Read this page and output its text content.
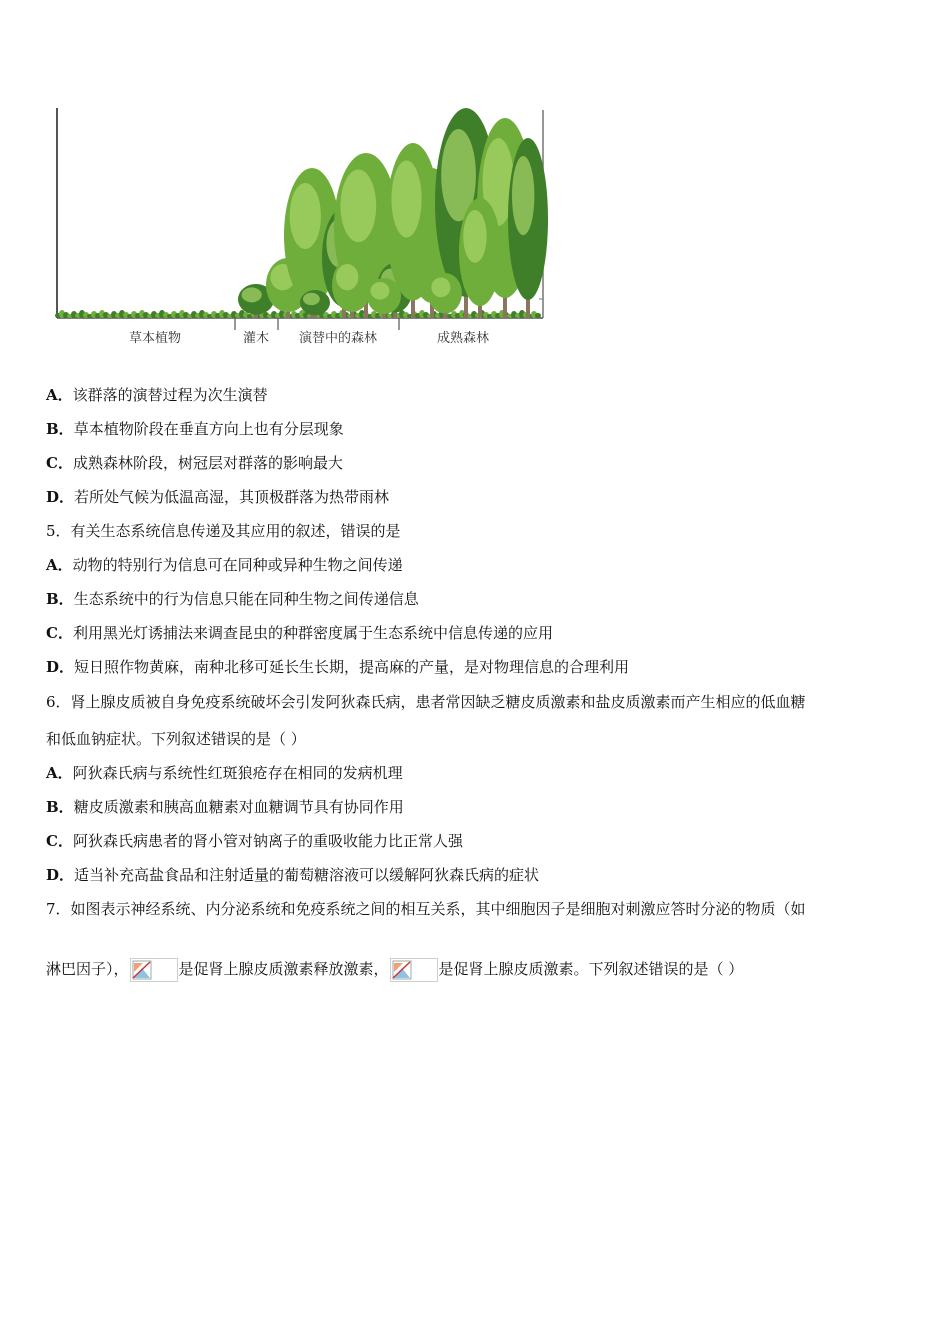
草本植物	灌木 演替中的森林	成熟森林
A．该群落的演替过程为次生演替
B．草本植物阶段在垂直方向上也有分层现象
C．成熟森林阶段，树冠层对群落的影响最大
D．若所处气候为低温高湿，其顶极群落为热带雨林
5．有关生态系统信息传递及其应用的叙述，错误的是
A．动物的特别行为信息可在同种或异种生物之间传递
B．生态系统中的行为信息只能在同种生物之间传递信息
C．利用黑光灯诱捕法来调查昆虫的种群密度属于生态系统中信息传递的应用
D．短日照作物黄麻，南种北移可延长生长期，提高麻的产量，是对物理信息的合理利用
6．肾上腺皮质被自身免疫系统破坏会引发阿狄森氏病，患者常因缺乏糖皮质激素和盐皮质激素而产生相应的低血糖
和低血钠症状。下列叙述错误的是（ ）
A．阿狄森氏病与系统性红斑狼疮存在相同的发病机理
B．糖皮质激素和胰高血糖素对血糖调节具有协同作用
C．阿狄森氏病患者的肾小管对钠离子的重吸收能力比正常人强
D．适当补充高盐食品和注射适量的葡萄糖溶液可以缓解阿狄森氏病的症状
7．如图表示神经系统、内分泌系统和免疫系统之间的相互关系，其中细胞因子是细胞对刺激应答时分泌的物质（如
淋巴因子），	是促肾上腺皮质激素释放激素，	是促肾上腺皮质激素。下列叙述错误的是（ ）
